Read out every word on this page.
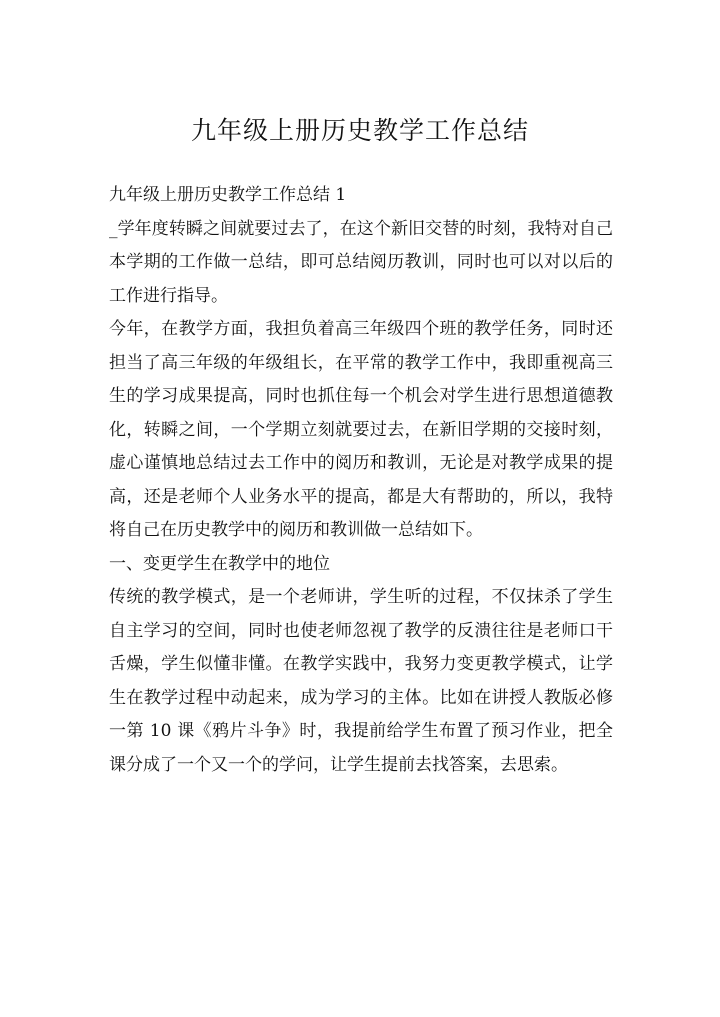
九年级上册历史教学工作总结

九年级上册历史教学工作总结 1

_学年度转瞬之间就要过去了，在这个新旧交替的时刻，我特对自己本学期的工作做一总结，即可总结阅历教训，同时也可以对以后的工作进行指导。

今年，在教学方面，我担负着高三年级四个班的教学任务，同时还担当了高三年级的年级组长，在平常的教学工作中，我即重视高三生的学习成果提高，同时也抓住每一个机会对学生进行思想道德教化，转瞬之间，一个学期立刻就要过去，在新旧学期的交接时刻，虚心谨慎地总结过去工作中的阅历和教训，无论是对教学成果的提高，还是老师个人业务水平的提高，都是大有帮助的，所以，我特将自己在历史教学中的阅历和教训做一总结如下。

一、变更学生在教学中的地位

传统的教学模式，是一个老师讲，学生听的过程，不仅抹杀了学生自主学习的空间，同时也使老师忽视了教学的反溃往往是老师口干舌燥，学生似懂非懂。在教学实践中，我努力变更教学模式，让学生在教学过程中动起来，成为学习的主体。比如在讲授人教版必修一第 10 课《鸦片斗争》时，我提前给学生布置了预习作业，把全课分成了一个又一个的学问，让学生提前去找答案，去思索。
